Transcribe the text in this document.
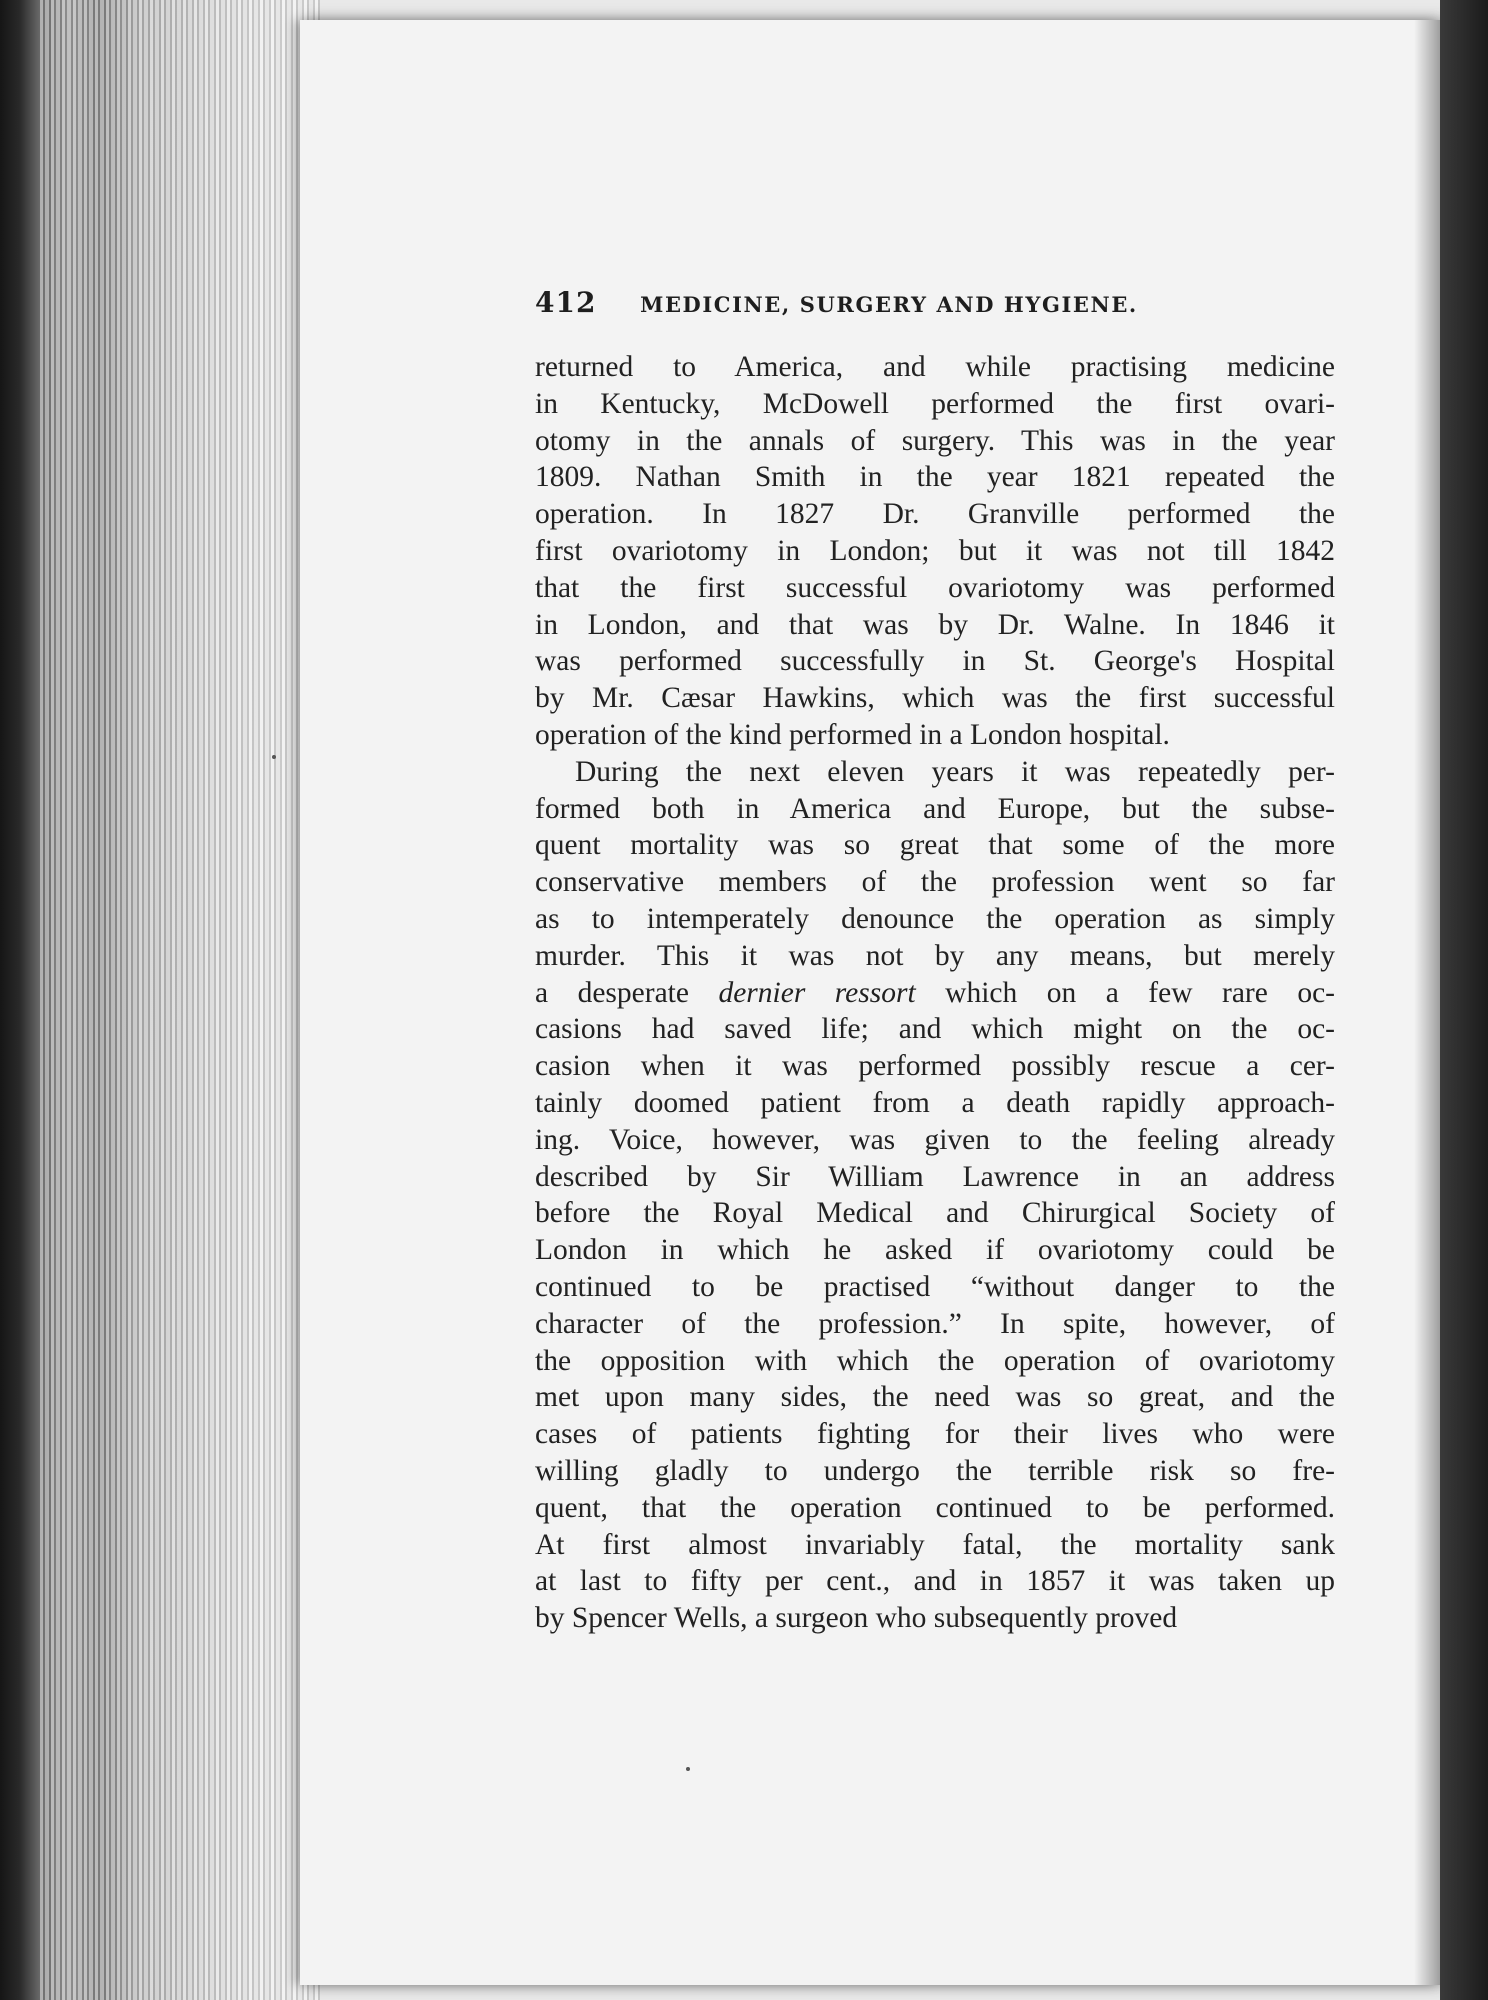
412 MEDICINE, SURGERY AND HYGIENE.
returned to America, and while practising medicine
in Kentucky, McDowell performed the first ovari-
otomy in the annals of surgery. This was in the year
1809. Nathan Smith in the year 1821 repeated the
operation. In 1827 Dr. Granville performed the
first ovariotomy in London; but it was not till 1842
that the first successful ovariotomy was performed
in London, and that was by Dr. Walne. In 1846 it
was performed successfully in St. George's Hospital
by Mr. Cæsar Hawkins, which was the first successful
operation of the kind performed in a London hospital.
During the next eleven years it was repeatedly per-
formed both in America and Europe, but the subse-
quent mortality was so great that some of the more
conservative members of the profession went so far
as to intemperately denounce the operation as simply
murder. This it was not by any means, but merely
a desperate dernier ressort which on a few rare oc-
casions had saved life; and which might on the oc-
casion when it was performed possibly rescue a cer-
tainly doomed patient from a death rapidly approach-
ing. Voice, however, was given to the feeling already
described by Sir William Lawrence in an address
before the Royal Medical and Chirurgical Society of
London in which he asked if ovariotomy could be
continued to be practised “without danger to the
character of the profession.” In spite, however, of
the opposition with which the operation of ovariotomy
met upon many sides, the need was so great, and the
cases of patients fighting for their lives who were
willing gladly to undergo the terrible risk so fre-
quent, that the operation continued to be performed.
At first almost invariably fatal, the mortality sank
at last to fifty per cent., and in 1857 it was taken up
by Spencer Wells, a surgeon who subsequently proved
